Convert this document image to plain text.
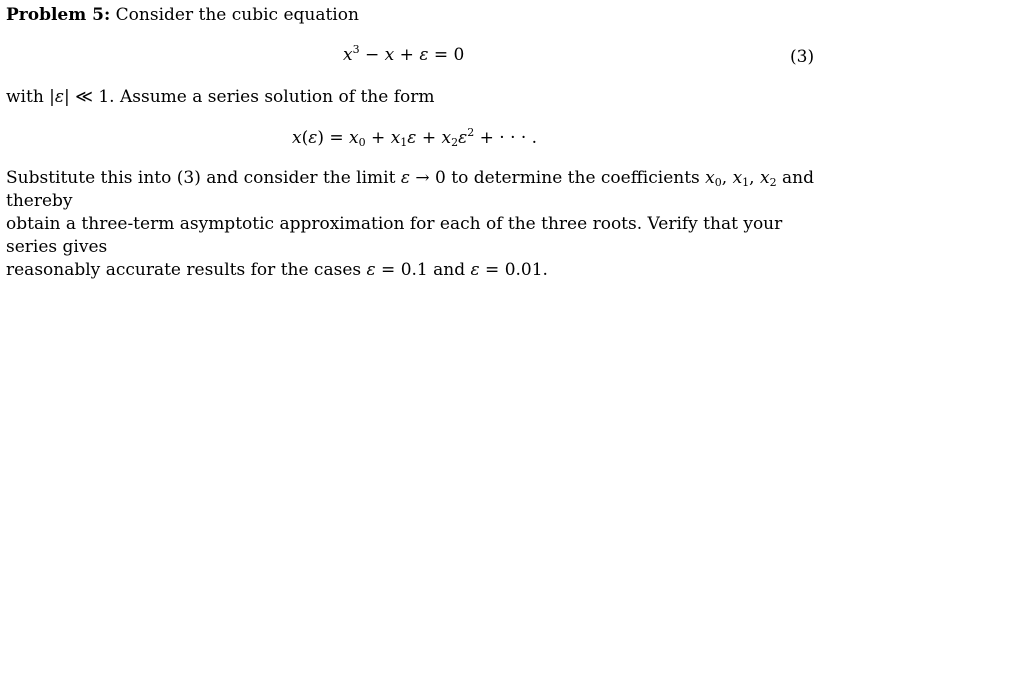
Problem 5: Consider the cubic equation
$x^3 - x + \varepsilon = 0$	(3)
with |ε| ≪ 1. Assume a series solution of the form
$x(\varepsilon) = x_0 + x_1\varepsilon + x_2\varepsilon^2$ + · · · .
Substitute this into (3) and consider the limit ε → 0 to determine the coefficients $x_0$, $x_1$, $x_2$ and thereby
obtain a three-term asymptotic approximation for each of the three roots. Verify that your series gives
reasonably accurate results for the cases ε = 0.1 and ε = 0.01.
